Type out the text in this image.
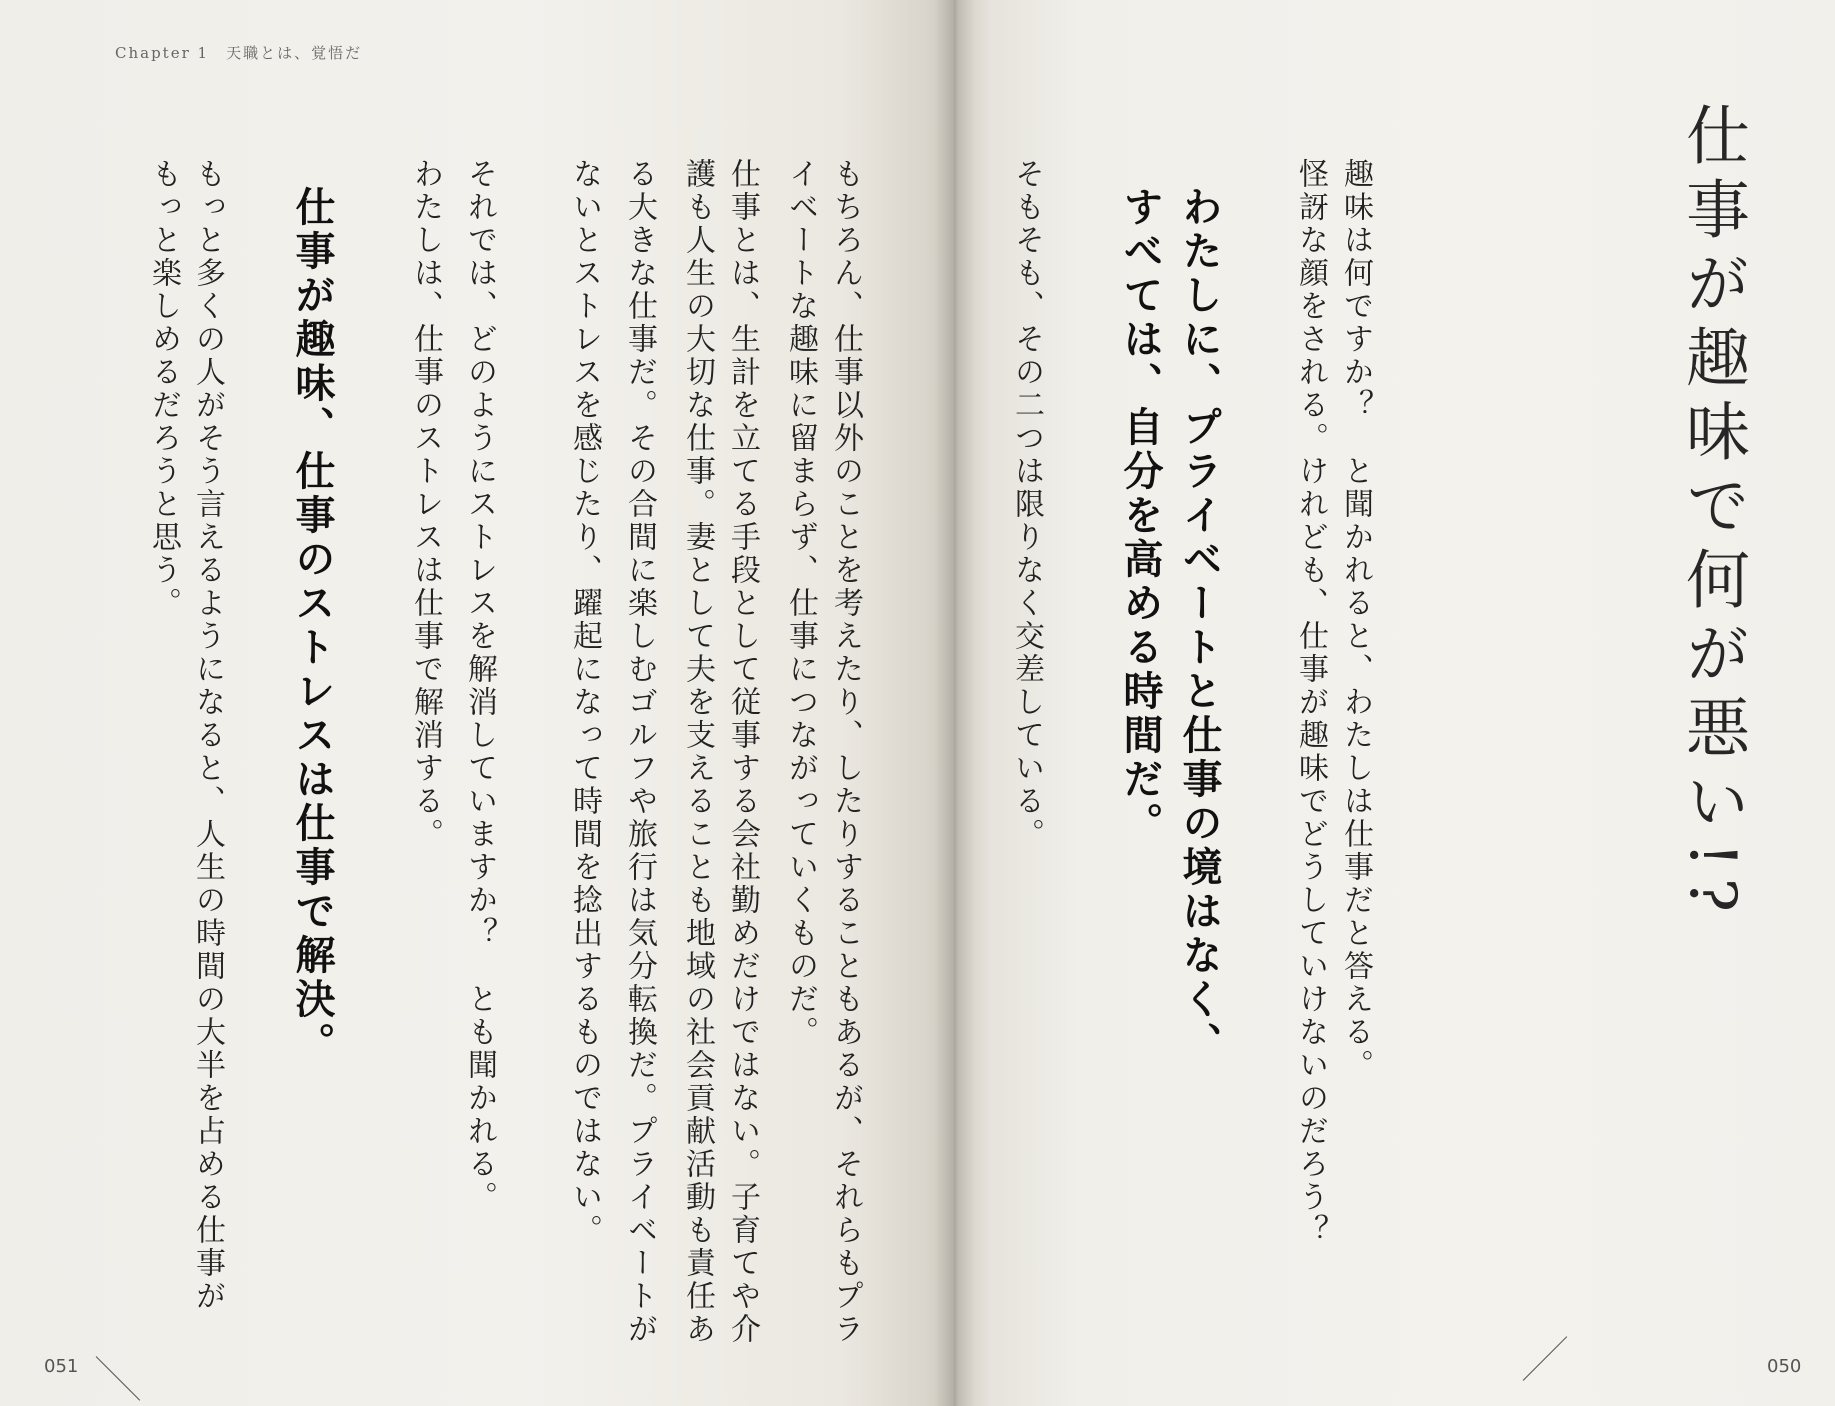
Chapter 1　天職とは、覚悟だ

もちろん、仕事以外のことを考えたり、したりすることもあるが、それらもプラ
イベートな趣味に留まらず、仕事につながっていくものだ。
仕事とは、生計を立てる手段として従事する会社勤めだけではない。子育てや介
護も人生の大切な仕事。妻として夫を支えることも地域の社会貢献活動も責任あ
る大きな仕事だ。その合間に楽しむゴルフや旅行は気分転換だ。プライベートが
ないとストレスを感じたり、躍起になって時間を捻出するものではない。
それでは、どのようにストレスを解消していますか？　とも聞かれる。
わたしは、仕事のストレスは仕事で解消する。
仕事が趣味、仕事のストレスは仕事で解決。
もっと多くの人がそう言えるようになると、人生の時間の大半を占める仕事が
もっと楽しめるだろうと思う。
051
仕事が趣味で何が悪い!?
趣味は何ですか？　と聞かれると、わたしは仕事だと答える。
怪訝な顔をされる。けれども、仕事が趣味でどうしていけないのだろう？
わたしに、プライベートと仕事の境はなく、
すべては、自分を高める時間だ。
そもそも、その二つは限りなく交差している。
050
